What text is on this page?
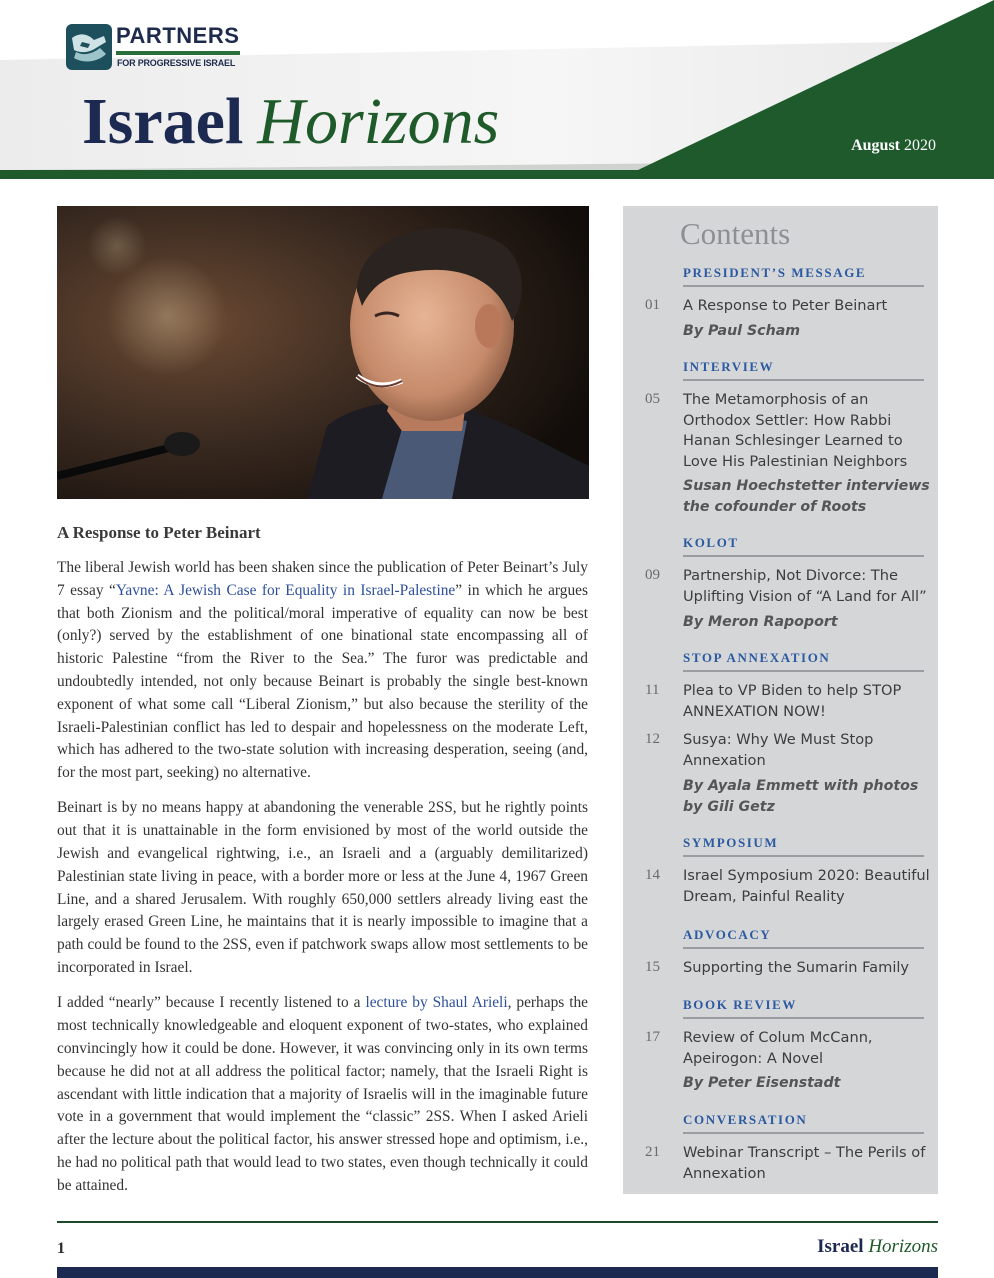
PARTNERS
FOR PROGRESSIVE ISRAEL
Israel Horizons	August 2020
A Response to Peter Beinart

The liberal Jewish world has been shaken since the publication of Peter Beinart’s July 7 essay “Yavne: A Jewish Case for Equality in Israel-Palestine” in which he argues that both Zionism and the political/moral imperative of equality can now be best (only?) served by the establishment of one binational state encompassing all of historic Palestine “from the River to the Sea.” The furor was predictable and undoubtedly intended, not only because Beinart is probably the single best-known exponent of what some call “Liberal Zionism,” but also because the sterility of the Israeli-Palestinian conflict has led to despair and hopelessness on the moderate Left, which has adhered to the two-state solution with increasing desperation, seeing (and, for the most part, seeking) no alternative.

Beinart is by no means happy at abandoning the venerable 2SS, but he rightly points out that it is unattainable in the form envisioned by most of the world outside the Jewish and evangelical rightwing, i.e., an Israeli and a (arguably demilitarized) Palestinian state living in peace, with a border more or less at the June 4, 1967 Green Line, and a shared Jerusalem. With roughly 650,000 settlers already living east the largely erased Green Line, he maintains that it is nearly impossible to imagine that a path could be found to the 2SS, even if patchwork swaps allow most settlements to be incorporated in Israel.

I added “nearly” because I recently listened to a lecture by Shaul Arieli, perhaps the most technically knowledgeable and eloquent exponent of two-states, who explained convincingly how it could be done. However, it was convincing only in its own terms because he did not at all address the political factor; namely, that the Israeli Right is ascendant with little indication that a majority of Israelis will in the imaginable future vote in a government that would implement the “classic” 2SS. When I asked Arieli after the lecture about the political factor, his answer stressed hope and optimism, i.e., he had no political path that would lead to two states, even though technically it could be attained.

Contents
PRESIDENT’S MESSAGE
01	A Response to Peter Beinart
By Paul Scham
INTERVIEW
05	The Metamorphosis of an Orthodox Settler: How Rabbi Hanan Schlesinger Learned to Love His Palestinian Neighbors
Susan Hoechstetter interviews the cofounder of Roots
KOLOT
09	Partnership, Not Divorce: The Uplifting Vision of “A Land for All”
By Meron Rapoport
STOP ANNEXATION
11	Plea to VP Biden to help STOP ANNEXATION NOW!
12	Susya: Why We Must Stop Annexation
By Ayala Emmett with photos by Gili Getz
SYMPOSIUM
14	Israel Symposium 2020: Beautiful Dream, Painful Reality
ADVOCACY
15	Supporting the Sumarin Family
BOOK REVIEW
17	Review of Colum McCann, Apeirogon: A Novel
By Peter Eisenstadt
CONVERSATION
21	Webinar Transcript – The Perils of Annexation
1	Israel Horizons
